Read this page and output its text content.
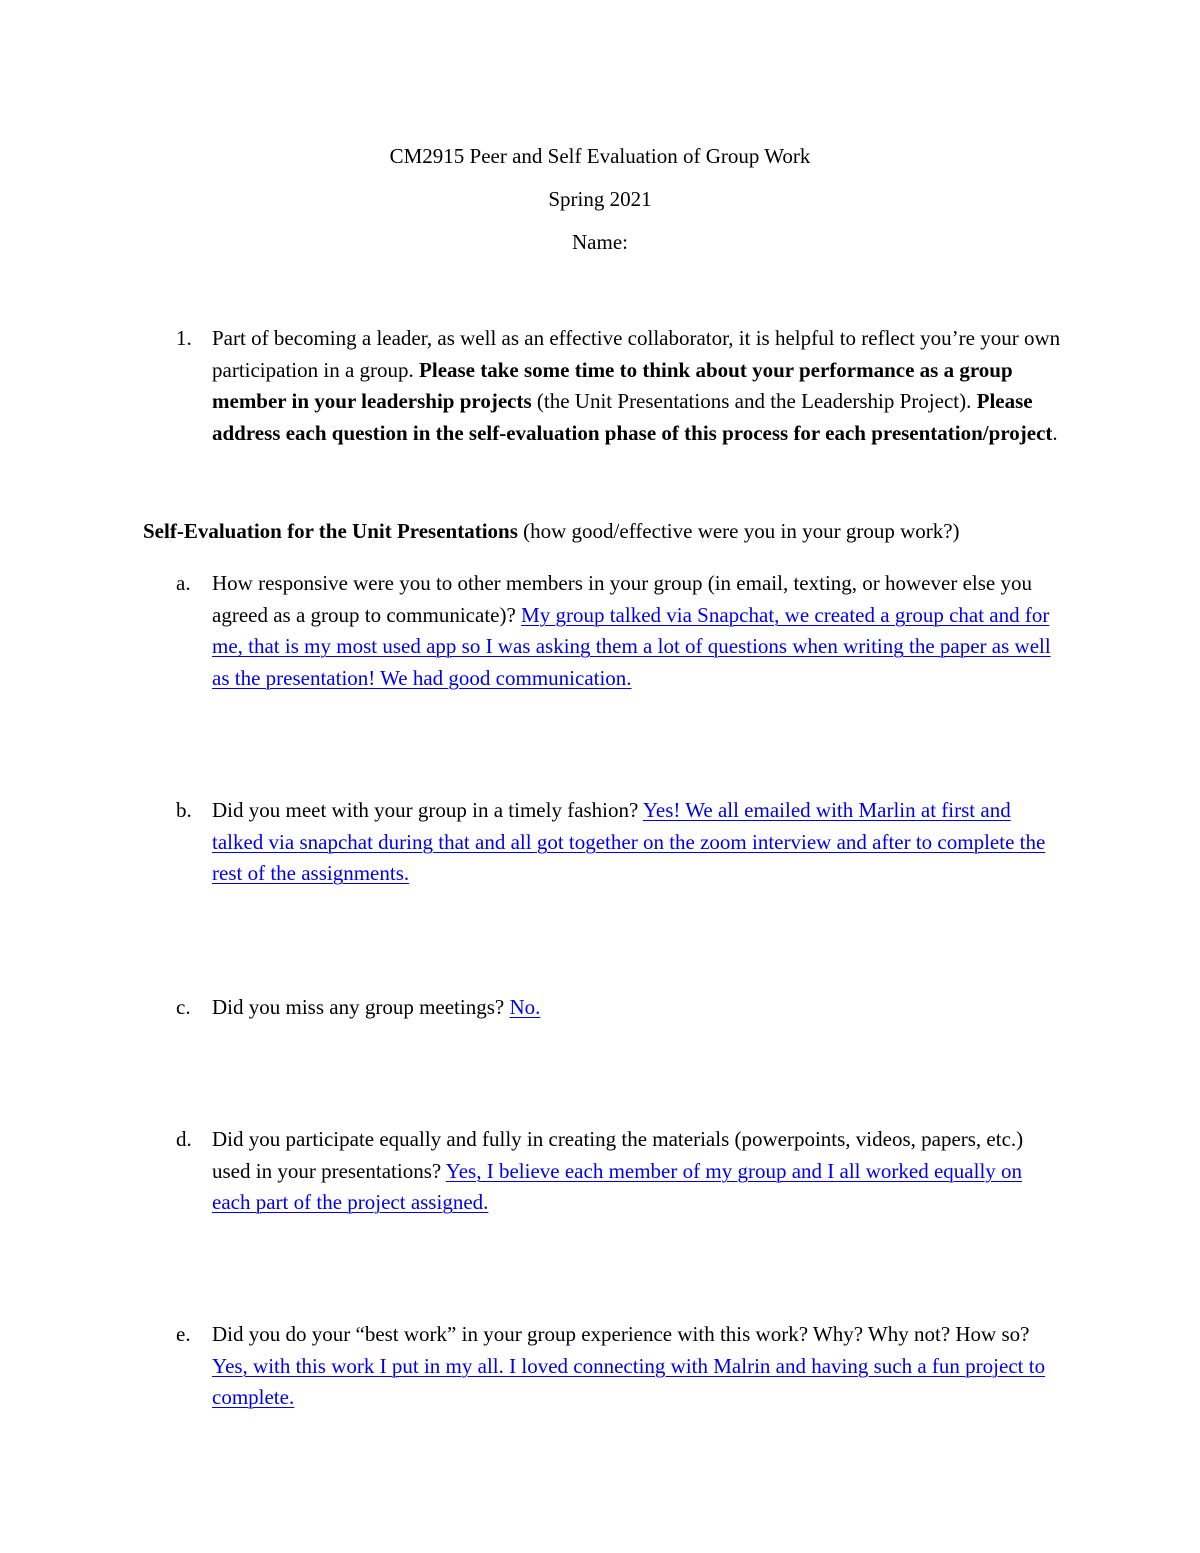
CM2915 Peer and Self Evaluation of Group Work
Spring 2021
Name:
1. Part of becoming a leader, as well as an effective collaborator, it is helpful to reflect you’re your own participation in a group. Please take some time to think about your performance as a group member in your leadership projects (the Unit Presentations and the Leadership Project). Please address each question in the self-evaluation phase of this process for each presentation/project.
Self-Evaluation for the Unit Presentations (how good/effective were you in your group work?)
a. How responsive were you to other members in your group (in email, texting, or however else you agreed as a group to communicate)? My group talked via Snapchat, we created a group chat and for me, that is my most used app so I was asking them a lot of questions when writing the paper as well as the presentation! We had good communication.
b. Did you meet with your group in a timely fashion? Yes! We all emailed with Marlin at first and talked via snapchat during that and all got together on the zoom interview and after to complete the rest of the assignments.
c. Did you miss any group meetings? No.
d. Did you participate equally and fully in creating the materials (powerpoints, videos, papers, etc.) used in your presentations? Yes, I believe each member of my group and I all worked equally on each part of the project assigned.
e. Did you do your “best work” in your group experience with this work? Why? Why not? How so? Yes, with this work I put in my all. I loved connecting with Malrin and having such a fun project to complete.
